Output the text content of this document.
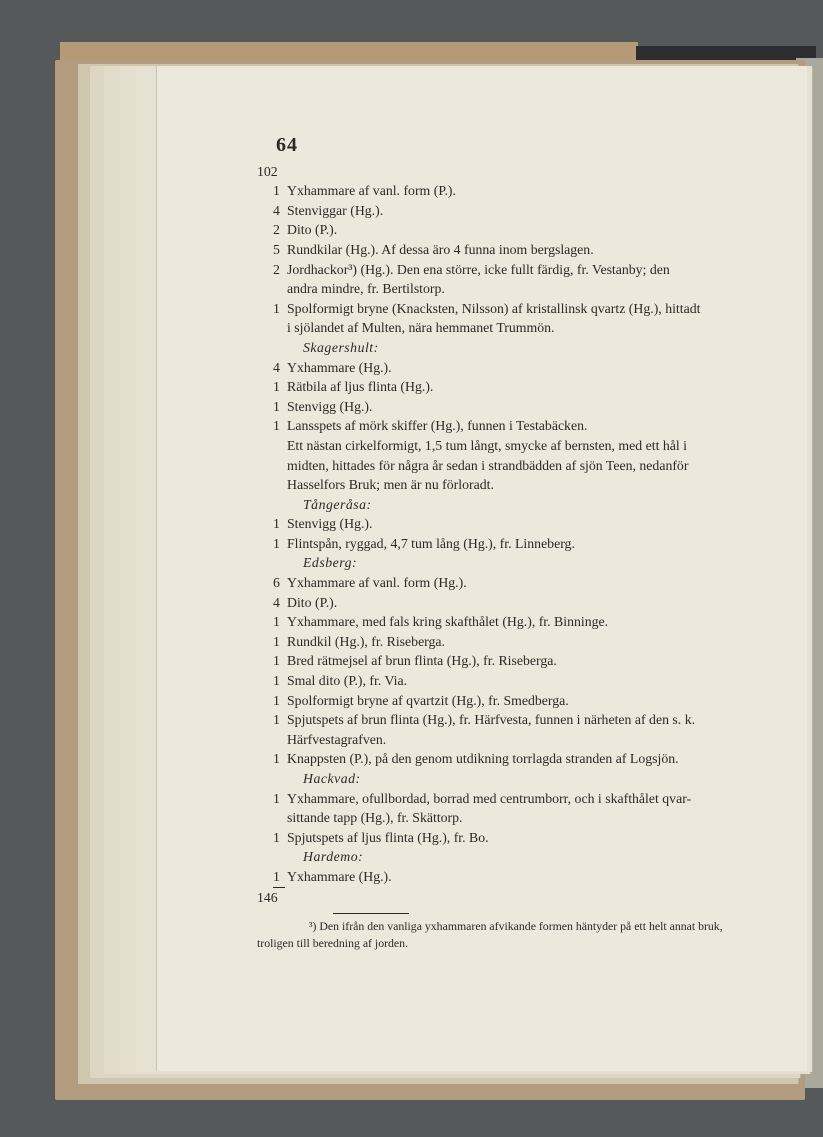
64
102
1 Yxhammare af vanl. form (P.).
4 Stenviggar (Hg.).
2 Dito (P.).
5 Rundkilar (Hg.). Af dessa äro 4 funna inom bergslagen.
2 Jordhackor³) (Hg.). Den ena större, icke fullt färdig, fr. Vestanby; den
andra mindre, fr. Bertilstorp.
1 Spolformigt bryne (Knacksten, Nilsson) af kristallinsk qvartz (Hg.), hittadt
i sjölandet af Multen, nära hemmanet Trummön.
Skagershult:
4 Yxhammare (Hg.).
1 Rätbila af ljus flinta (Hg.).
1 Stenvigg (Hg.).
1 Lansspets af mörk skiffer (Hg.), funnen i Testabäcken.
Ett nästan cirkelformigt, 1,5 tum långt, smycke af bernsten, med ett hål i
midten, hittades för några år sedan i strandbädden af sjön Teen, nedanför
Hasselfors Bruk; men är nu förloradt.
Tångeråsa:
1 Stenvigg (Hg.).
1 Flintspån, ryggad, 4,7 tum lång (Hg.), fr. Linneberg.
Edsberg:
6 Yxhammare af vanl. form (Hg.).
4 Dito (P.).
1 Yxhammare, med fals kring skafthålet (Hg.), fr. Binninge.
1 Rundkil (Hg.), fr. Riseberga.
1 Bred rätmejsel af brun flinta (Hg.), fr. Riseberga.
1 Smal dito (P.), fr. Via.
1 Spolformigt bryne af qvartzit (Hg.), fr. Smedberga.
1 Spjutspets af brun flinta (Hg.), fr. Härfvesta, funnen i närheten af den s. k.
Härfvestagrafven.
1 Knappsten (P.), på den genom utdikning torrlagda stranden af Logsjön.
Hackvad:
1 Yxhammare, ofullbordad, borrad med centrumborr, och i skafthålet qvar-
sittande tapp (Hg.), fr. Skättorp.
1 Spjutspets af ljus flinta (Hg.), fr. Bo.
Hardemo:
1 Yxhammare (Hg.).
146
³) Den ifrån den vanliga yxhammaren afvikande formen häntyder på ett helt annat bruk,
troligen till beredning af jorden.
